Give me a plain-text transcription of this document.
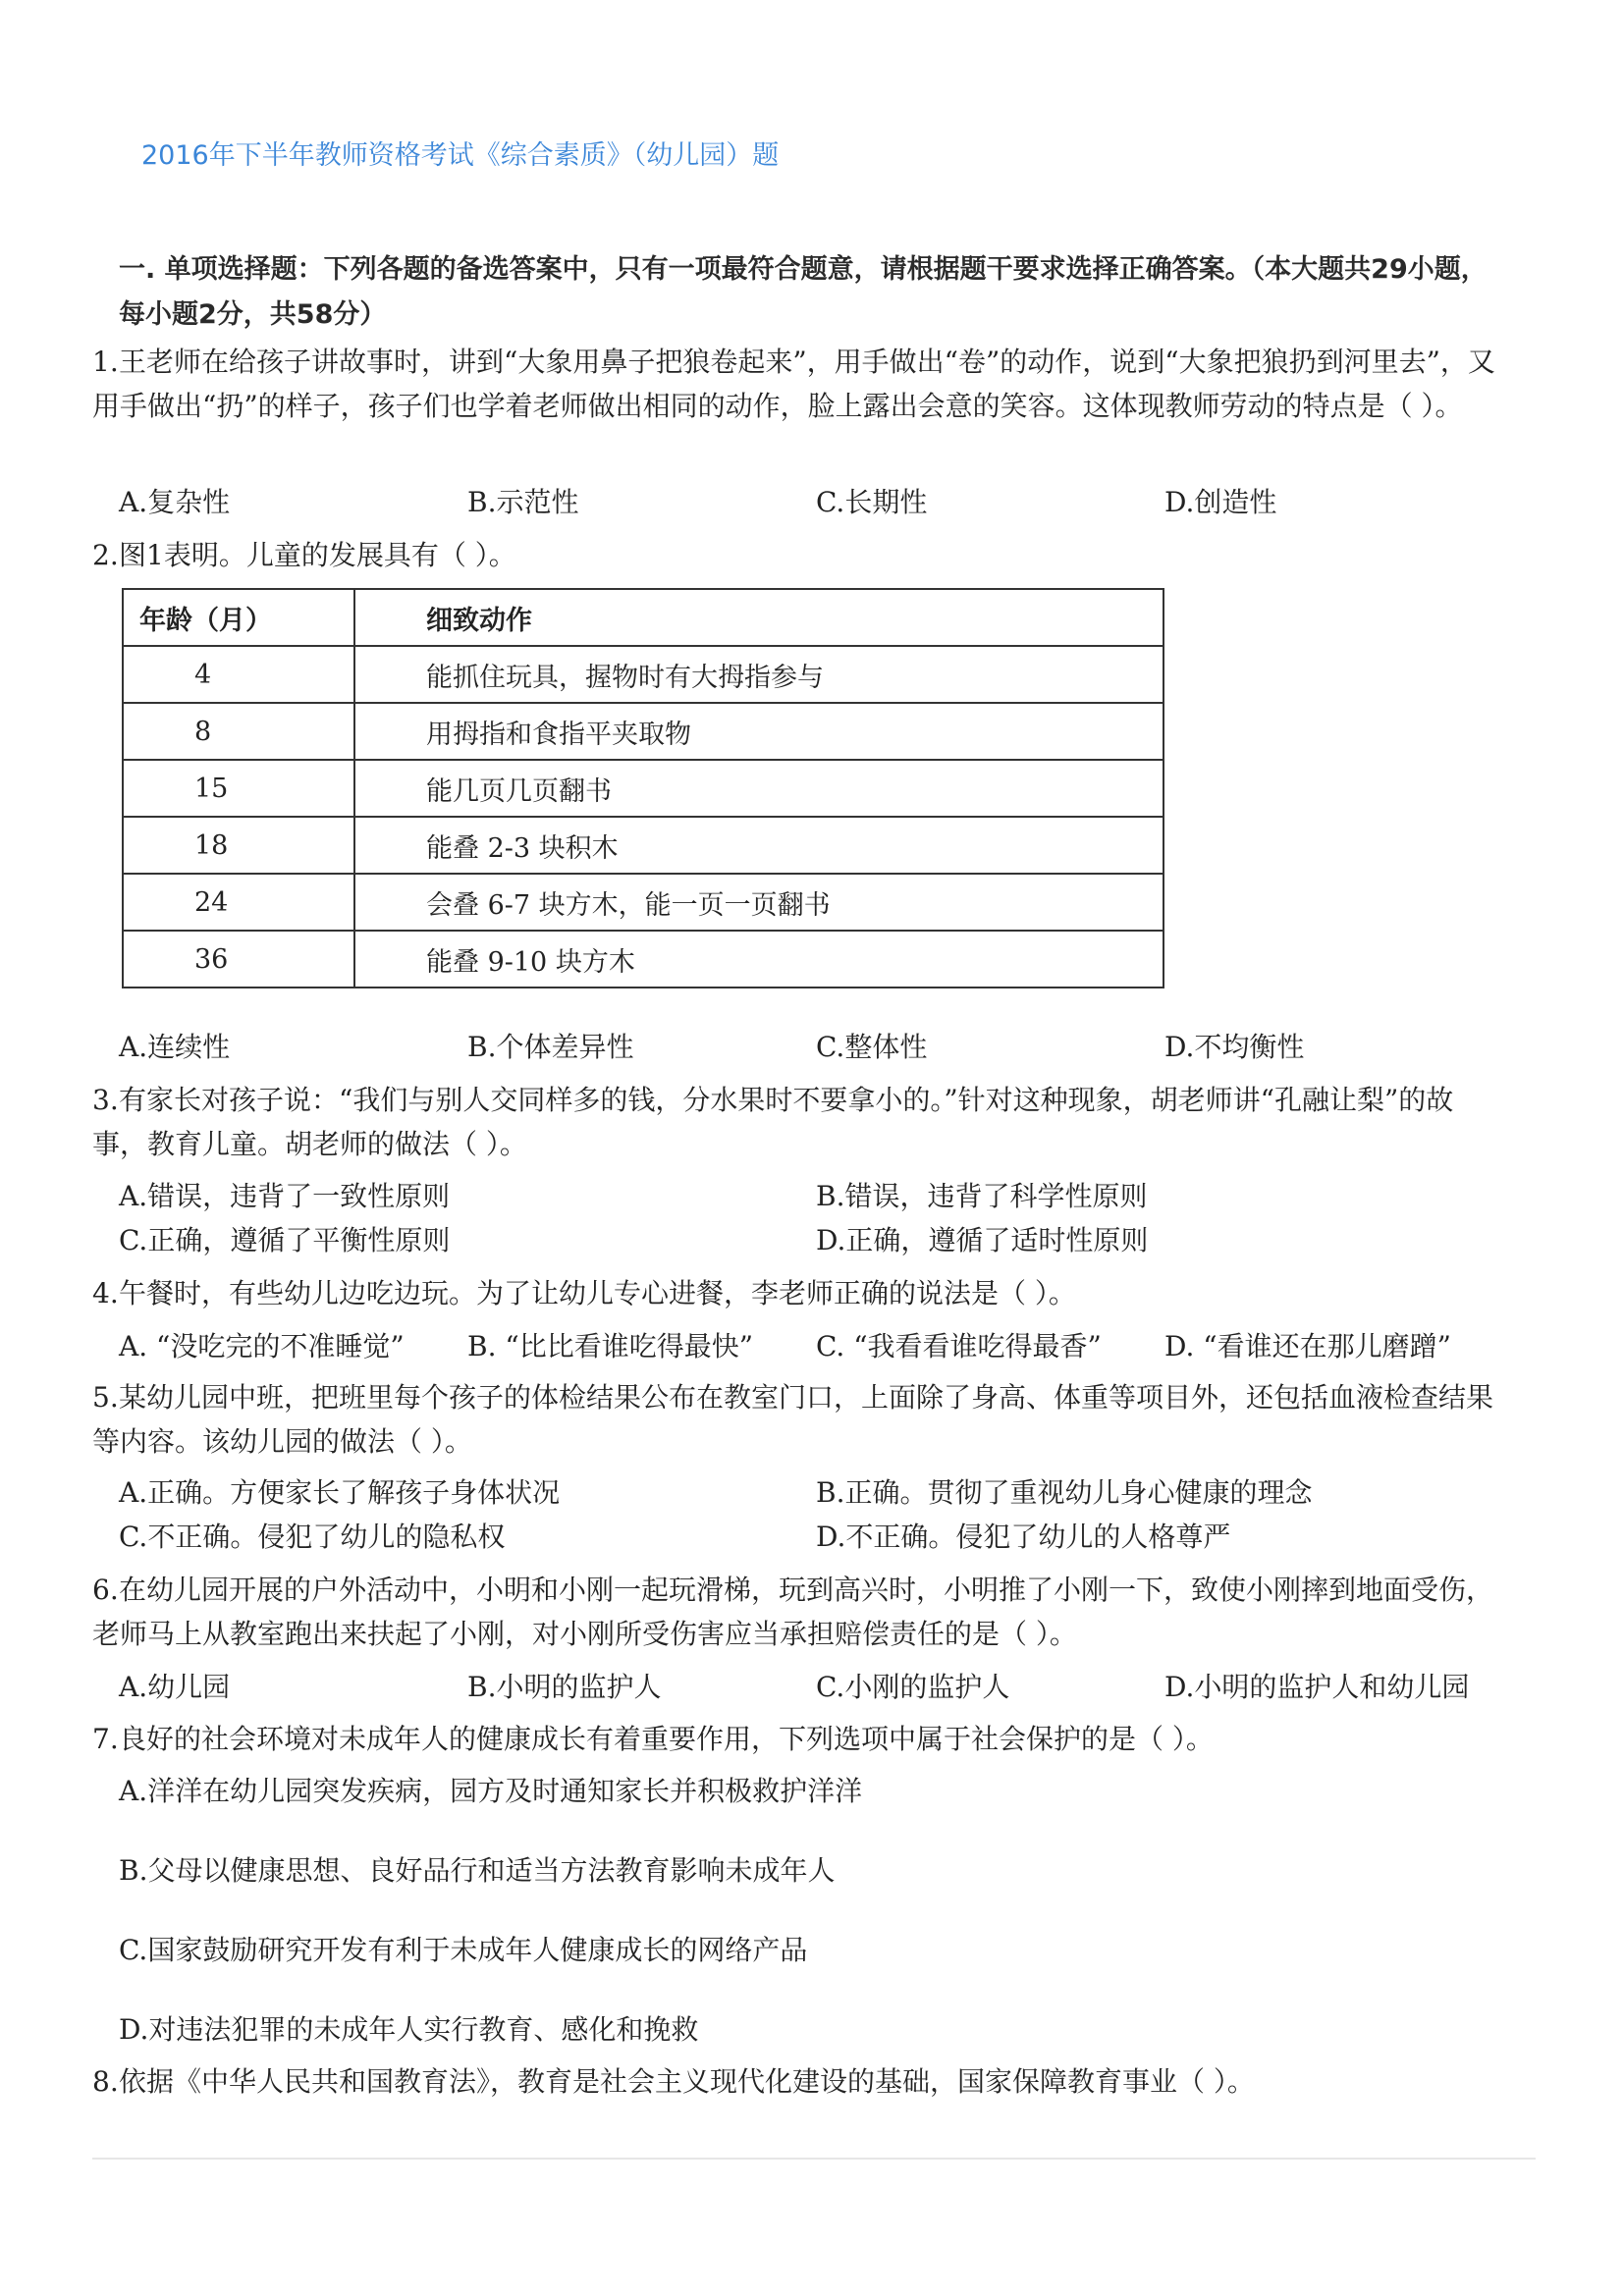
2016年下半年教师资格考试《综合素质》（幼儿园）题

一. 单项选择题：下列各题的备选答案中，只有一项最符合题意，请根据题干要求选择正确答案。（本大题共29小题，每小题2分，共58分）

1.王老师在给孩子讲故事时，讲到“大象用鼻子把狼卷起来”，用手做出“卷”的动作，说到“大象把狼扔到河里去”，又用手做出“扔”的样子，孩子们也学着老师做出相同的动作，脸上露出会意的笑容。这体现教师劳动的特点是（ ）。

A.复杂性	B.示范性	C.长期性	D.创造性

2.图1表明。儿童的发展具有（ ）。

年龄（月）	细致动作
4	能抓住玩具，握物时有大拇指参与
8	用拇指和食指平夹取物
15	能几页几页翻书
18	能叠 2-3 块积木
24	会叠 6-7 块方木，能一页一页翻书
36	能叠 9-10 块方木
A.连续性	B.个体差异性	C.整体性	D.不均衡性

3.有家长对孩子说：“我们与别人交同样多的钱，分水果时不要拿小的。”针对这种现象，胡老师讲“孔融让梨”的故事，教育儿童。胡老师的做法（ ）。

A.错误，违背了一致性原则	B.错误，违背了科学性原则
C.正确，遵循了平衡性原则	D.正确，遵循了适时性原则

4.午餐时，有些幼儿边吃边玩。为了让幼儿专心进餐，李老师正确的说法是（ ）。

A. “没吃完的不准睡觉”	B. “比比看谁吃得最快”	C. “我看看谁吃得最香”	D. “看谁还在那儿磨蹭”

5.某幼儿园中班，把班里每个孩子的体检结果公布在教室门口，上面除了身高、体重等项目外，还包括血液检查结果等内容。该幼儿园的做法（ ）。

A.正确。方便家长了解孩子身体状况	B.正确。贯彻了重视幼儿身心健康的理念
C.不正确。侵犯了幼儿的隐私权	D.不正确。侵犯了幼儿的人格尊严

6.在幼儿园开展的户外活动中，小明和小刚一起玩滑梯，玩到高兴时，小明推了小刚一下，致使小刚摔到地面受伤，老师马上从教室跑出来扶起了小刚，对小刚所受伤害应当承担赔偿责任的是（ ）。

A.幼儿园	B.小明的监护人	C.小刚的监护人	D.小明的监护人和幼儿园

7.良好的社会环境对未成年人的健康成长有着重要作用，下列选项中属于社会保护的是（ ）。

A.洋洋在幼儿园突发疾病，园方及时通知家长并积极救护洋洋
B.父母以健康思想、良好品行和适当方法教育影响未成年人
C.国家鼓励研究开发有利于未成年人健康成长的网络产品
D.对违法犯罪的未成年人实行教育、感化和挽救

8.依据《中华人民共和国教育法》，教育是社会主义现代化建设的基础，国家保障教育事业（ ）。
